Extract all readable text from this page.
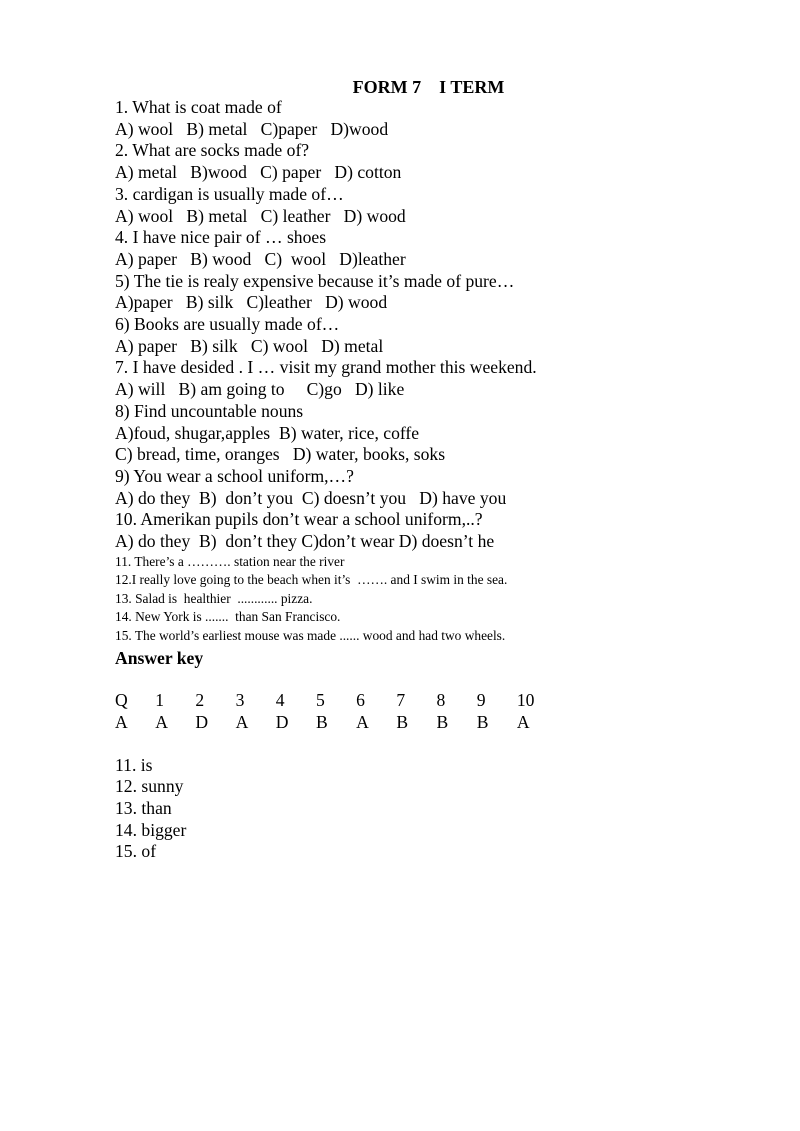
FORM 7    I TERM
1. What is coat made of
A) wool   B) metal   C)paper   D)wood
2. What are socks made of?
A) metal   B)wood   C) paper   D) cotton
3. cardigan is usually made of…
A) wool   B) metal   C) leather   D) wood
4. I have nice pair of … shoes
A) paper   B) wood   C)  wool   D)leather
5) The tie is realy expensive because it’s made of pure…
A)paper   B) silk   C)leather   D) wood
6) Books are usually made of…
A) paper   B) silk   C) wool   D) metal
7. I have desided . I … visit my grand mother this weekend.
A) will   B) am going to     C)go   D) like
8) Find uncountable nouns
A)foud, shugar,apples  B) water, rice, coffe
C) bread, time, oranges   D) water, books, soks
9) You wear a school uniform,…?
A) do they  B)  don’t you  C) doesn’t you   D) have you
10. Amerikan pupils don’t wear a school uniform,..?
A) do they  B)  don’t they C)don’t wear D) doesn’t he
11. There’s a ………. station near the river
12.I really love going to the beach when it’s  ……. and I swim in the sea.
13. Salad is  healthier  ............ pizza.
14. New York is .......  than San Francisco.
15. The world’s earliest mouse was made ...... wood and had two wheels.
Answer key
Q	1	2	3	4	5	6	7	8	9	10
A	A	D	A	D	B	A	B	B	B	A
11. is
12. sunny
13. than
14. bigger
15. of
